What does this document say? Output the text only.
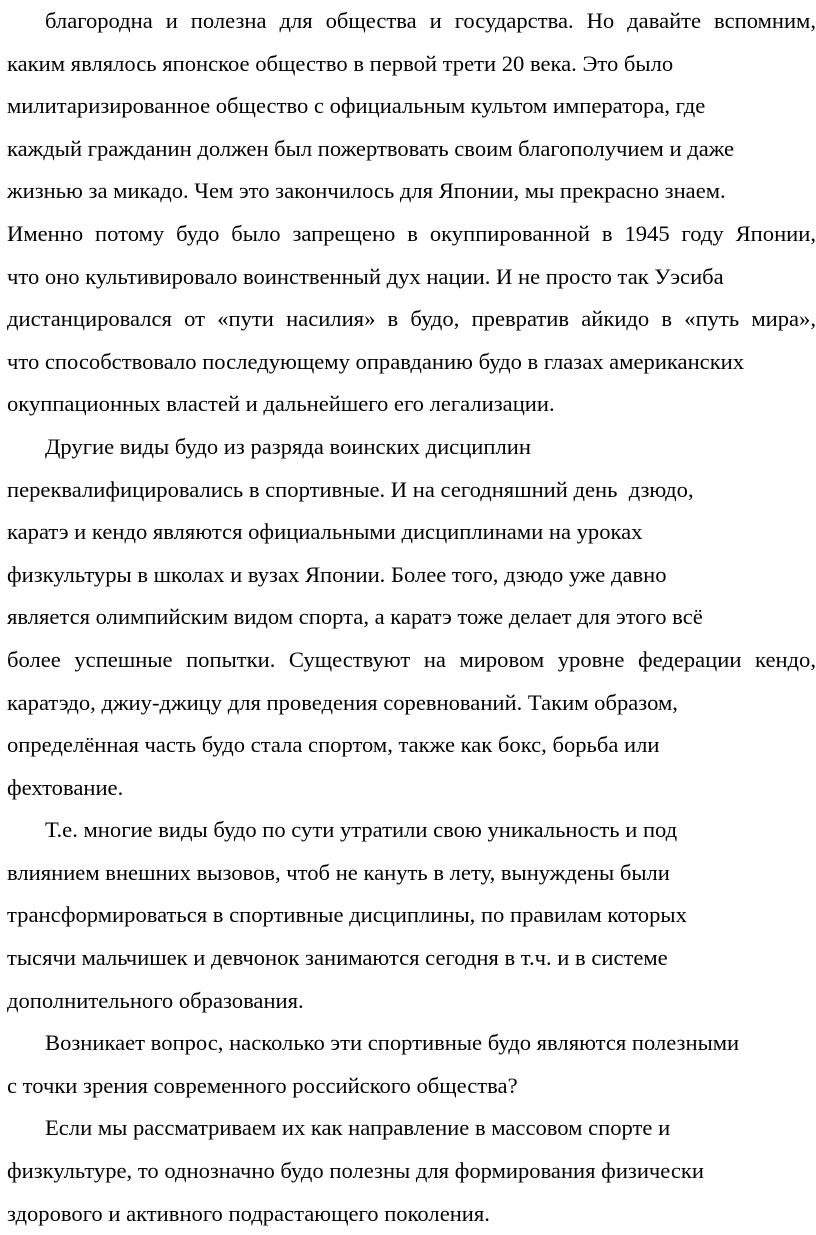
благородна и полезна для общества и государства. Но давайте вспомним,
каким являлось японское общество в первой трети 20 века. Это было
милитаризированное общество с официальным культом императора, где
каждый гражданин должен был пожертвовать своим благополучием и даже
жизнью за микадо. Чем это закончилось для Японии, мы прекрасно знаем.
Именно потому будо было запрещено в окуппированной в 1945 году Японии,
что оно культивировало воинственный дух нации. И не просто так Уэсиба
дистанцировался от «пути насилия» в будо, превратив айкидо в «путь мира»,
что способствовало последующему оправданию будо в глазах американских
окуппационных властей и дальнейшего его легализации.
Другие виды будо из разряда воинских дисциплин
переквалифицировались в спортивные. И на сегодняшний день  дзюдо,
каратэ и кендо являются официальными дисциплинами на уроках
физкультуры в школах и вузах Японии. Более того, дзюдо уже давно
является олимпийским видом спорта, а каратэ тоже делает для этого всё
более успешные попытки. Существуют на мировом уровне федерации кендо,
каратэдо, джиу-джицу для проведения соревнований. Таким образом,
определённая часть будо стала спортом, также как бокс, борьба или
фехтование.
Т.е. многие виды будо по сути утратили свою уникальность и под
влиянием внешних вызовов, чтоб не кануть в лету, вынуждены были
трансформироваться в спортивные дисциплины, по правилам которых
тысячи мальчишек и девчонок занимаются сегодня в т.ч. и в системе
дополнительного образования.
Возникает вопрос, насколько эти спортивные будо являются полезными
с точки зрения современного российского общества?
Если мы рассматриваем их как направление в массовом спорте и
физкультуре, то однозначно будо полезны для формирования физически
здорового и активного подрастающего поколения.
